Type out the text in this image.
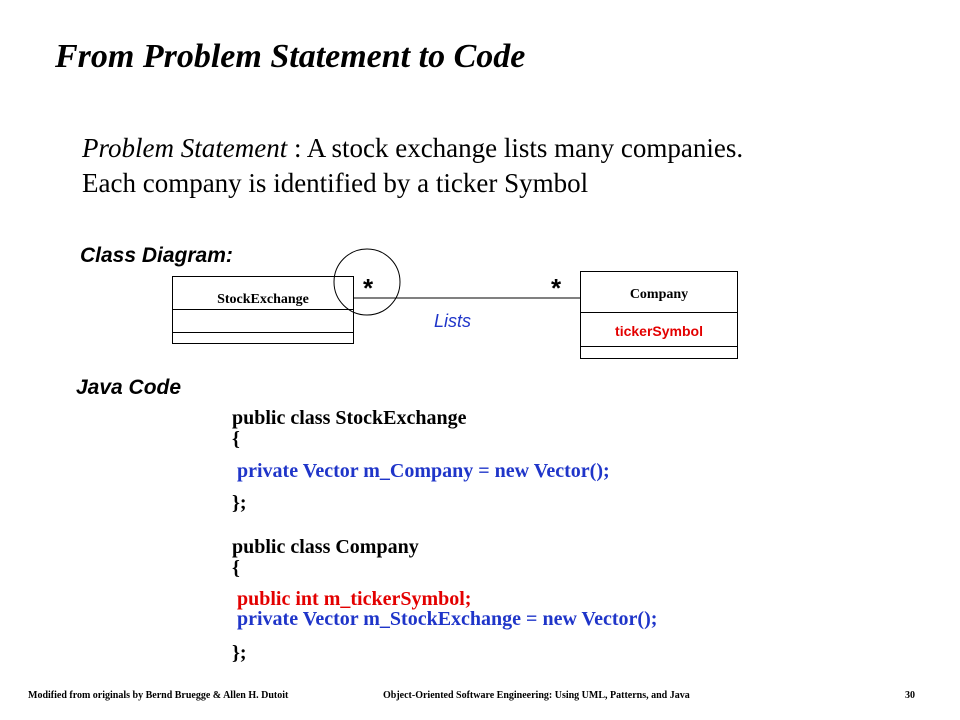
From Problem Statement to Code
Problem Statement : A stock exchange lists many companies.
Each company is identified by a ticker Symbol
Class Diagram:
StockExchange	Company
tickerSymbol
*	*
Lists
Java Code
public class StockExchange
{
private Vector m_Company = new Vector();
};
public class Company
{
public int m_tickerSymbol;
private Vector m_StockExchange = new Vector();
};
Modified from originals by Bernd Bruegge & Allen H. Dutoit	Object-Oriented Software Engineering: Using UML, Patterns, and Java	30
